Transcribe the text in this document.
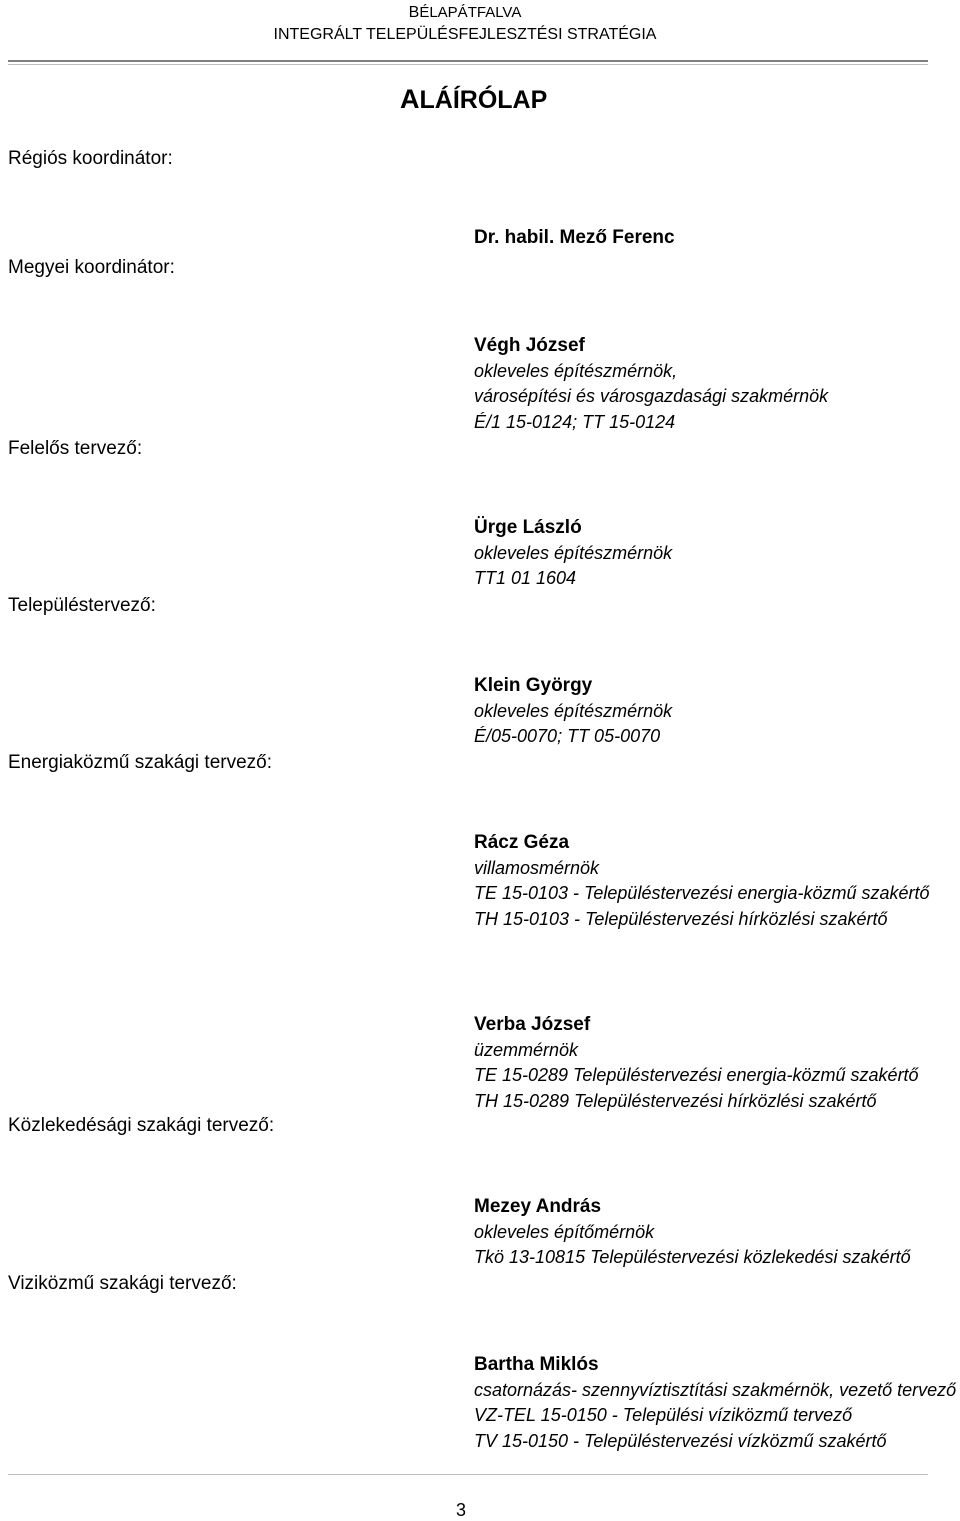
BÉLAPÁTFALVA
INTEGRÁLT TELEPÜLÉSFEJLESZTÉSI STRATÉGIA
ALÁÍRÓLAP
Régiós koordinátor:
Megyei koordinátor:
Dr. habil. Mező Ferenc
Felelős tervező:
Végh József
okleveles építészmérnök,
városépítési és városgazdasági szakmérnök
É/1 15-0124; TT 15-0124
Településtervező:
Ürge László
okleveles építészmérnök
TT1 01 1604
Energiaközmű szakági tervező:
Klein György
okleveles építészmérnök
É/05-0070; TT 05-0070
Rácz Géza
villamosmérnök
TE 15-0103 - Településtervezési energia-közmű szakértő
TH 15-0103 - Településtervezési hírközlési szakértő
Közlekedésági szakági tervező:
Verba József
üzemmérnök
TE 15-0289 Településtervezési energia-közmű szakértő
TH 15-0289 Településtervezési hírközlési szakértő
Viziközmű szakági tervező:
Mezey András
okleveles építőmérnök
Tkö 13-10815 Településtervezési közlekedési szakértő
Bartha Miklós
csatornázás- szennyvíztisztítási szakmérnök, vezető tervező
VZ-TEL 15-0150 - Települési víziközmű tervező
TV 15-0150 - Településtervezési vízközmű szakértő
3
